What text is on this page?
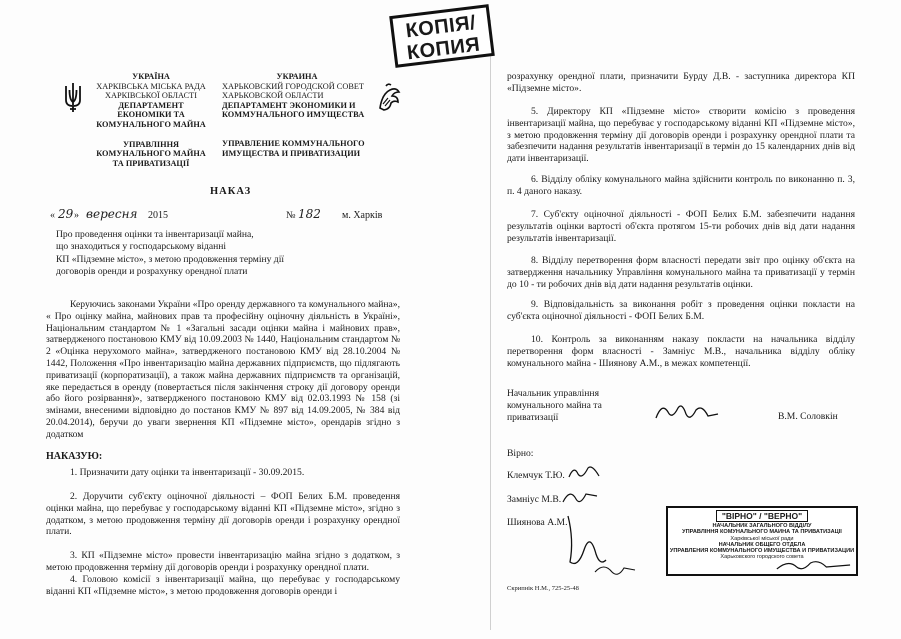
КОПІЯ/
КОПИЯ
УКРАЇНА
ХАРКІВСЬКА МІСЬКА РАДА
ХАРКІВСЬКОЇ ОБЛАСТІ
ДЕПАРТАМЕНТ
ЕКОНОМІКИ ТА
КОМУНАЛЬНОГО МАЙНА
УПРАВЛІННЯ
КОМУНАЛЬНОГО МАЙНА
ТА ПРИВАТИЗАЦІЇ
УКРАИНА
ХАРЬКОВСКИЙ ГОРОДСКОЙ СОВЕТ
ХАРЬКОВСКОЙ ОБЛАСТИ
ДЕПАРТАМЕНТ ЭКОНОМИКИ И
КОММУНАЛЬНОГО ИМУЩЕСТВА
УПРАВЛЕНИЕ КОММУНАЛЬНОГО
ИМУЩЕСТВА И ПРИВАТИЗАЦИИ
НАКАЗ
« 29 » вересня 2015	№ 182 м. Харків
Про проведення оцінки та інвентаризації майна,
що знаходиться у господарському віданні
КП «Підземне місто», з метою продовження терміну дії
договорів оренди и розрахунку орендної плати
Керуючись законами України «Про оренду державного та комунального майна», « Про оцінку майна, майнових прав та професійну оціночну діяльність в Україні», Національним стандартом № 1 «Загальні засади оцінки майна і майнових прав», затвердженого постановою КМУ від 10.09.2003 № 1440, Національним стандартом № 2 «Оцінка нерухомого майна», затвердженого постановою КМУ від 28.10.2004 № 1442, Положення «Про інвентаризацію майна державних підприємств, що підлягають приватизації (корпоратизації), а також майна державних підприємств та організацій, яке передається в оренду (повертається після закінчення строку дії договору оренди або його розірвання)», затвердженого постановою КМУ від 02.03.1993 № 158 (зі змінами, внесеними відповідно до постанов КМУ № 897 від 14.09.2005, № 384 від 20.04.2014), беручи до уваги звернення КП «Підземне місто», орендарів згідно з додатком
НАКАЗУЮ:
1. Призначити дату оцінки та інвентаризації - 30.09.2015.
2. Доручити суб'єкту оціночної діяльності – ФОП Белих Б.М. проведення оцінки майна, що перебуває у господарському віданні КП «Підземне місто», згідно з додатком, з метою продовження терміну дії договорів оренди і розрахунку орендної плати.
3. КП «Підземне місто» провести інвентаризацію майна згідно з додатком, з метою продовження терміну дії договорів оренди і розрахунку орендної плати.
4. Головою комісії з інвентаризації майна, що перебуває у господарському віданні КП «Підземне місто», з метою продовження договорів оренди і
розрахунку орендної плати, призначити Бурду Д.В. - заступника директора КП «Підземне місто».
5. Директору КП «Підземне місто» створити комісію з проведення інвентаризації майна, що перебуває у господарському віданні КП «Підземне місто», з метою продовження терміну дії договорів оренди і розрахунку орендної плати та забезпечити надання результатів інвентаризації в термін до 15 календарних днів від дати інвентаризації.
6. Відділу обліку комунального майна здійснити контроль по виконанню п. 3, п. 4 даного наказу.
7. Суб'єкту оціночної діяльності - ФОП Белих Б.М. забезпечити надання результатів оцінки вартості об'єкта протягом 15-ти робочих днів від дати надання результатів інвентаризації.
8. Відділу перетворення форм власності передати звіт про оцінку об'єкта на затвердження начальнику Управління комунального майна та приватизації у термін до 10 - ти робочих днів від дати надання результатів оцінки.
9. Відповідальність за виконання робіт з проведення оцінки покласти на суб'єкта оціночної діяльності - ФОП Белих Б.М.
10. Контроль за виконанням наказу покласти на начальника відділу перетворення форм власності - Замніус М.В., начальника відділу обліку комунального майна - Шиянову А.М., в межах компетенції.
Начальник управління
комунального майна та
приватизації	В.М. Соловкін
Вірно:
Клемчук Т.Ю.
Замніус М.В.
Шиянова А.М.
Скрипнік Н.М., 725-25-48
"ВІРНО" / "ВЕРНО"
НАЧАЛЬНИК ЗАГАЛЬНОГО ВІДДІЛУ
УПРАВЛІННЯ КОМУНАЛЬНОГО МАЙНА ТА ПРИВАТИЗАЦІЇ
Харківської міської ради
НАЧАЛЬНИК ОБЩЕГО ОТДЕЛА
УПРАВЛЕНИЯ КОММУНАЛЬНОГО ИМУЩЕСТВА И ПРИВАТИЗАЦИИ
Харьковского городского совета
